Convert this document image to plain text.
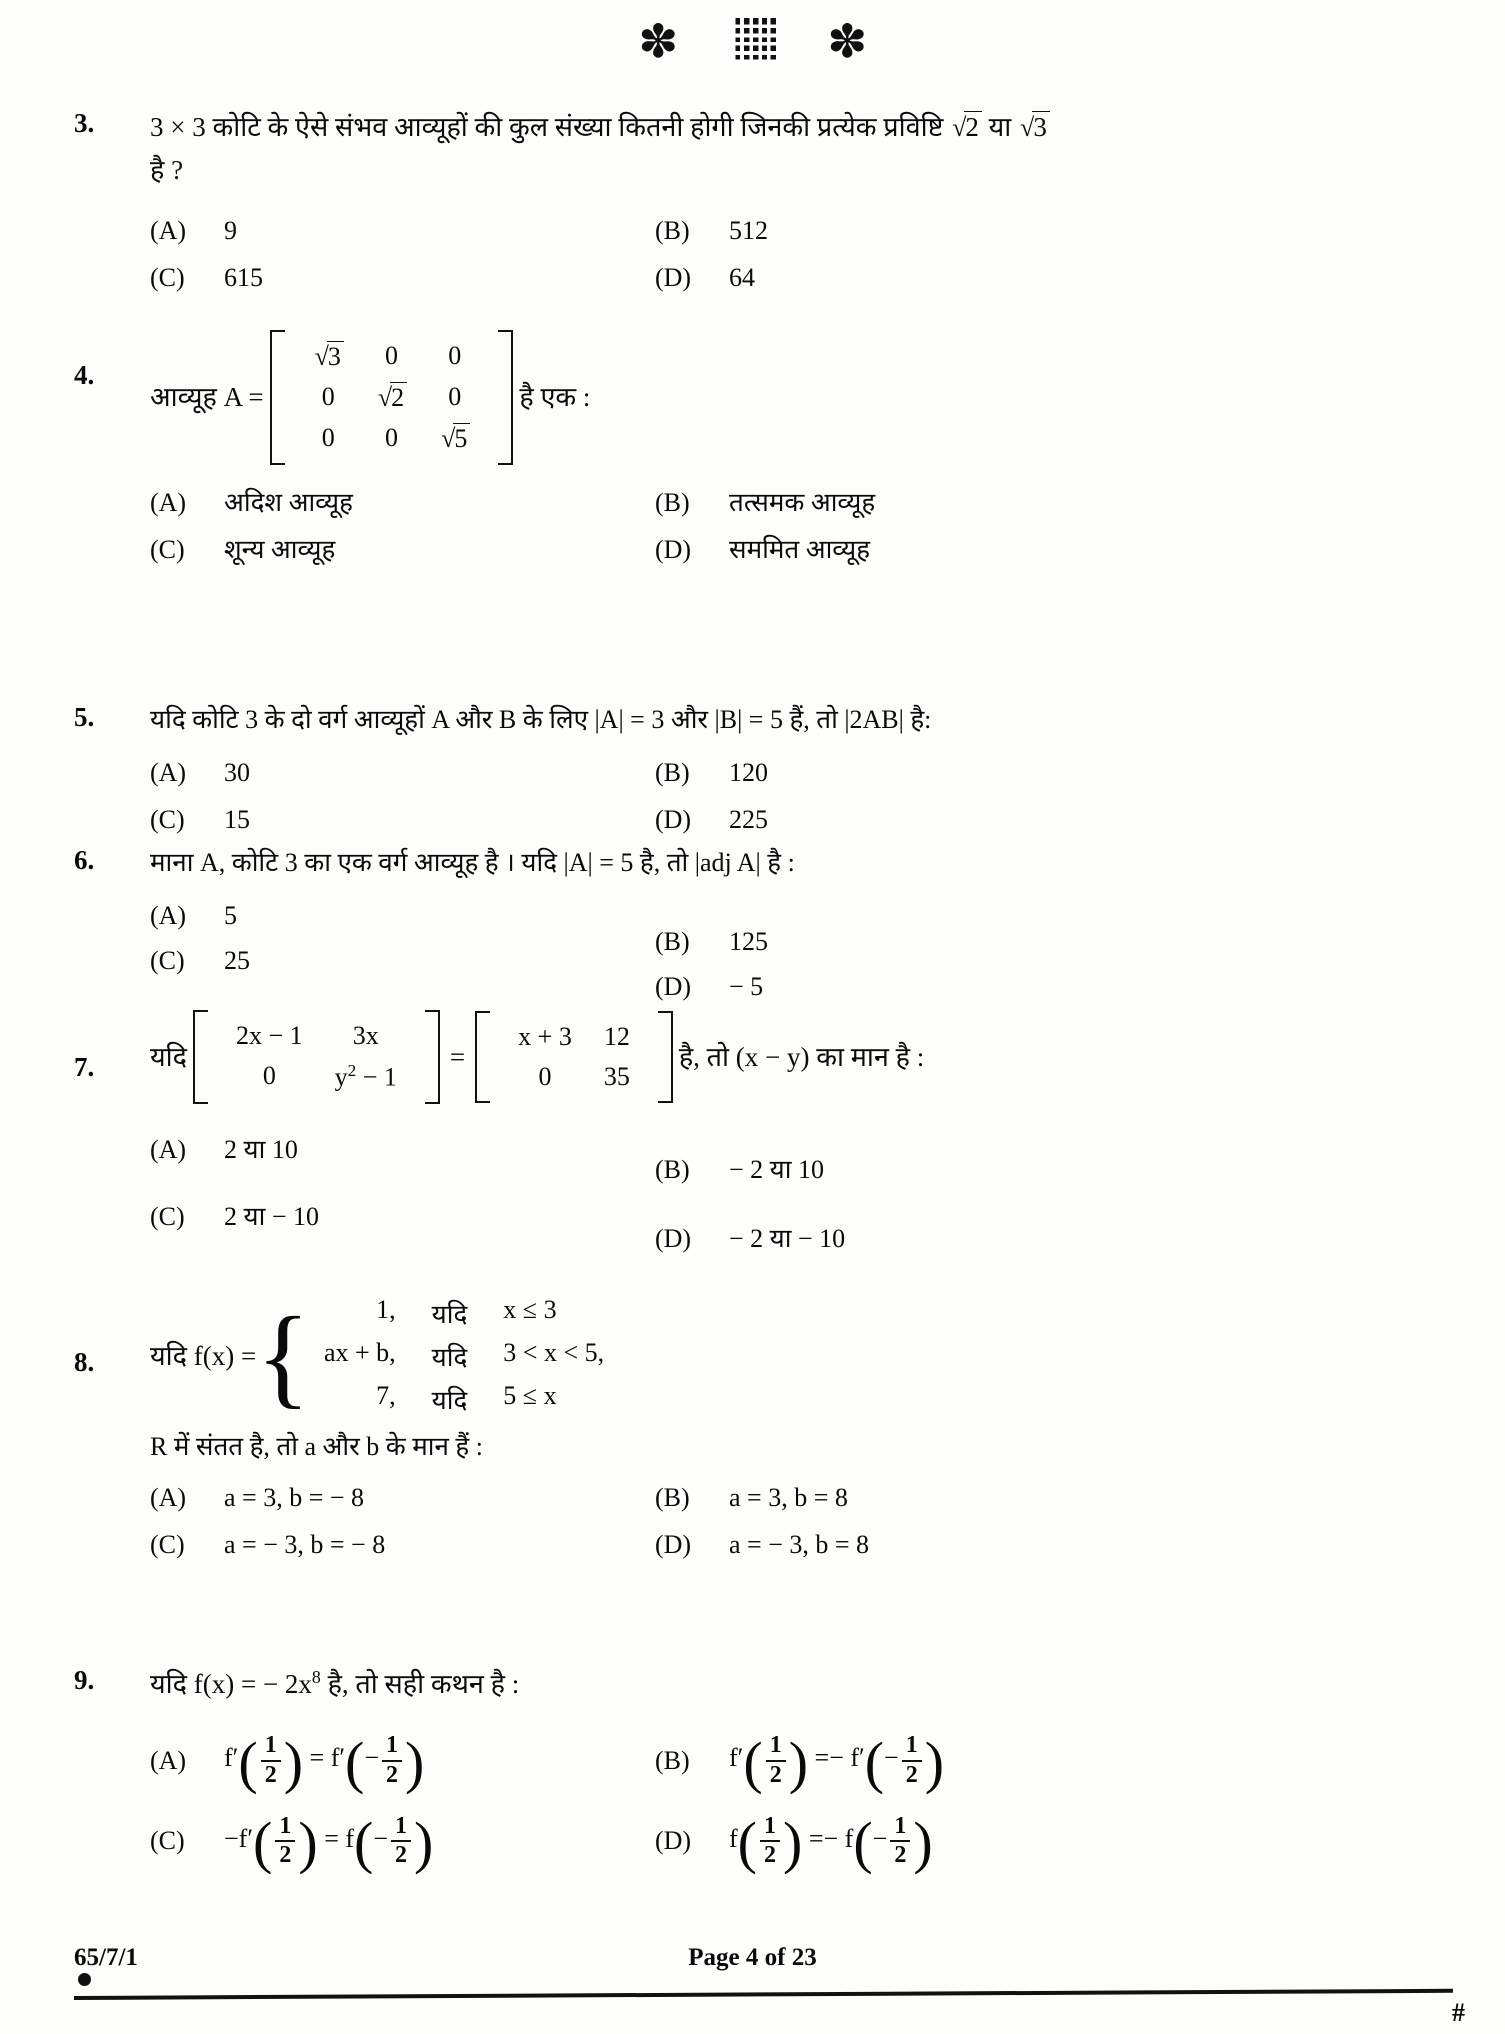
✽	✽
3. 3 × 3 कोटि के ऐसे संभव आव्यूहों की कुल संख्या कितनी होगी जिनकी प्रत्येक प्रविष्टि √2 या √3
है ?
(A)	9	(B)	512
(C)	615	(D)	64
4.
आव्यूह A =
√3	0	0
0	√2	0
0	0	√5
है एक :
(A)	अदिश आव्यूह	(B)	तत्समक आव्यूह
(C)	शून्य आव्यूह	(D)	सममित आव्यूह
5. यदि कोटि 3 के दो वर्ग आव्यूहों A और B के लिए |A| = 3 और |B| = 5 हैं, तो |2AB| है:
(A)	30	(B)	120
(C)	15	(D)	225
6. माना A, कोटि 3 का एक वर्ग आव्यूह है । यदि |A| = 5 है, तो |adj A| है :
(A)	5
(B)	125
(C)	25
(D)	− 5
7. यदि
2x − 1	3x
0	$y^2 - 1$
=
x + 3	12
0	35
है, तो (x − y) का मान है :
(A)	2 या 10
(B)	− 2 या 10
(C)	2 या − 10
(D)	− 2 या − 10
8. यदि f(x) = {	1,	यदि	x ≤ 3
ax + b,	यदि	3 < x < 5,
7,	यदि	5 ≤ x
R में संतत है, तो a और b के मान हैं :
(A)	a = 3, b = − 8	(B)	a = 3, b = 8
(C)	a = − 3, b = − 8	(D)	a = − 3, b = 8
9. यदि f(x) = − $2x^8$ है, तो सही कथन है :
(A)	$f'( \frac{1}{2}$ ) = $f'(- \frac{1}{2}$ )	(B)	$f'( \frac{1}{2}$ ) =− $f'(- \frac{1}{2}$ )
(C)	$-f'( \frac{1}{2}$ ) = $f(- \frac{1}{2}$ )	(D)	$f( \frac{1}{2}$ ) =− $f(- \frac{1}{2}$ )
65/7/1	Page 4 of 23
#
